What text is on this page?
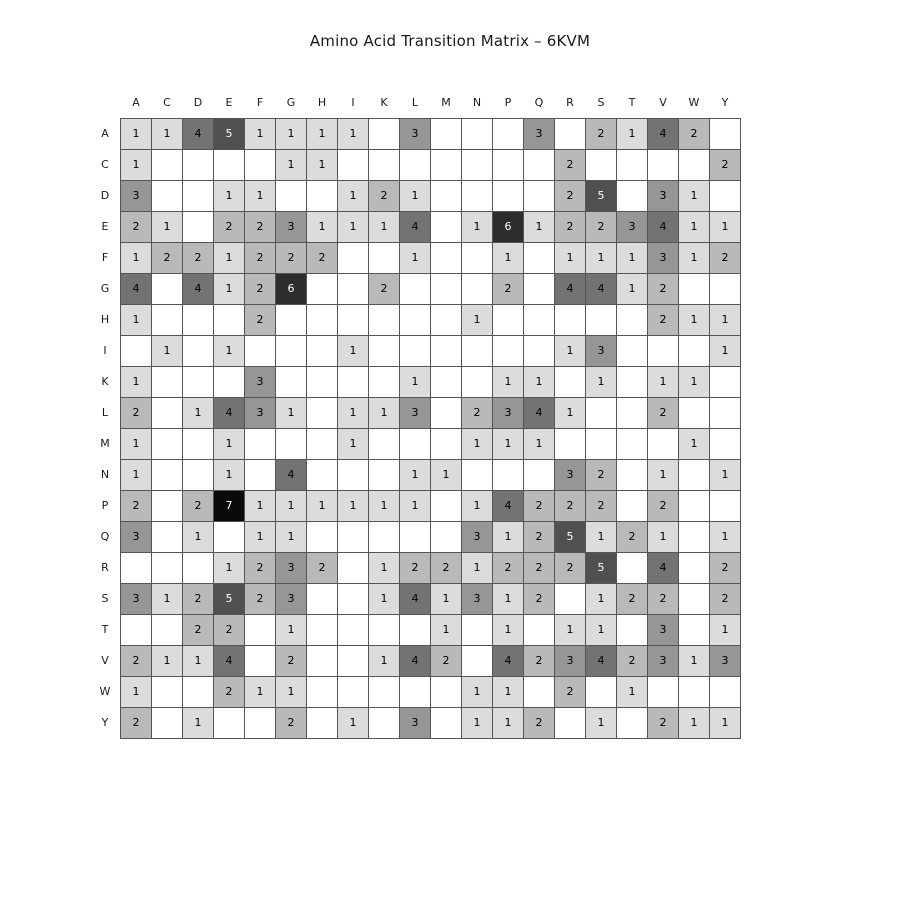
Amino Acid Transition Matrix – 6KVM
	A	C	D	E	F	G	H	I	K	L	M	N	P	Q	R	S	T	V	W	Y
A	1	1	4	5	1	1	1	1		3				3		2	1	4	2	
C	1					1	1								2					2
D	3			1	1			1	2	1					2	5		3	1	
E	2	1		2	2	3	1	1	1	4		1	6	1	2	2	3	4	1	1
F	1	2	2	1	2	2	2			1			1		1	1	1	3	1	2
G	4		4	1	2	6			2				2		4	4	1	2		
H	1				2							1						2	1	1
I		1		1				1							1	3				1
K	1				3					1			1	1		1		1	1	
L	2		1	4	3	1		1	1	3		2	3	4	1			2		
M	1			1				1				1	1	1					1	
N	1			1		4				1	1				3	2		1		1
P	2		2	7	1	1	1	1	1	1		1	4	2	2	2		2		
Q	3		1		1	1						3	1	2	5	1	2	1		1
R				1	2	3	2		1	2	2	1	2	2	2	5		4		2
S	3	1	2	5	2	3			1	4	1	3	1	2		1	2	2		2
T			2	2		1					1		1		1	1		3		1
V	2	1	1	4		2			1	4	2		4	2	3	4	2	3	1	3
W	1			2	1	1						1	1		2		1			
Y	2		1			2		1		3		1	1	2		1		2	1	1
